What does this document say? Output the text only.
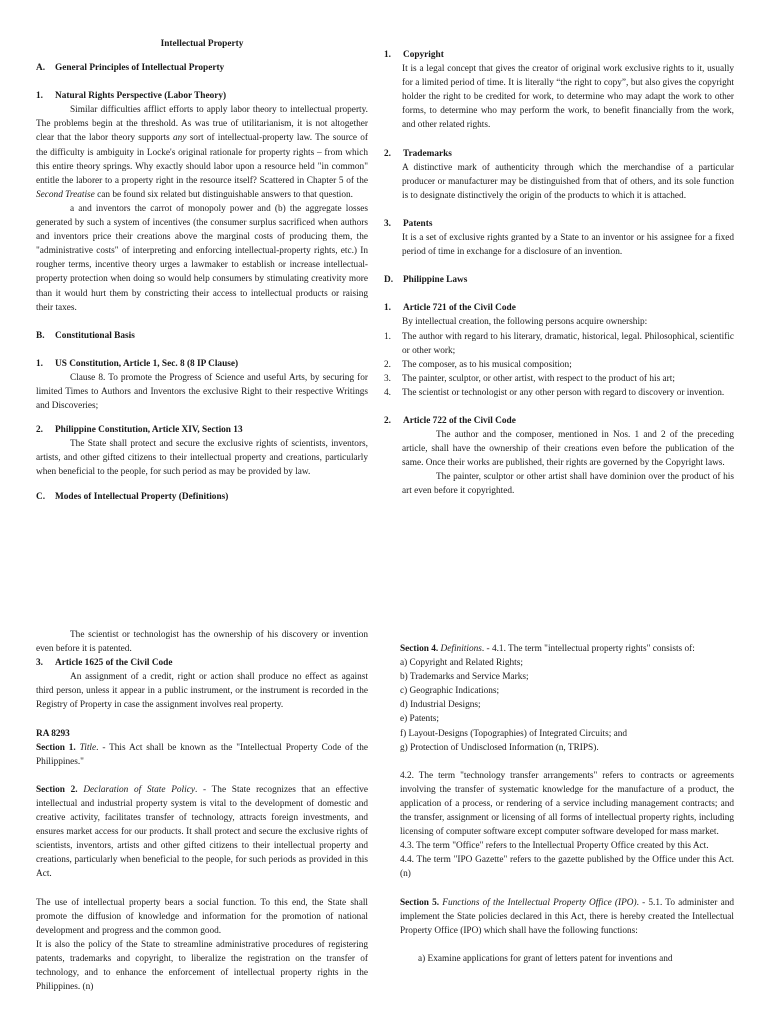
Intellectual Property

A.	General Principles of Intellectual Property
1.	Natural Rights Perspective (Labor Theory)

Similar difficulties afflict efforts to apply labor theory to intellectual property. The problems begin at the threshold. As was true of utilitarianism, it is not altogether clear that the labor theory supports any sort of intellectual-property law. The source of the difficulty is ambiguity in Locke's original rationale for property rights – from which this entire theory springs. Why exactly should labor upon a resource held "in common" entitle the laborer to a property right in the resource itself? Scattered in Chapter 5 of the Second Treatise can be found six related but distinguishable answers to that question.

a and inventors the carrot of monopoly power and (b) the aggregate losses generated by such a system of incentives (the consumer surplus sacrificed when authors and inventors price their creations above the marginal costs of producing them, the "administrative costs" of interpreting and enforcing intellectual-property rights, etc.) In rougher terms, incentive theory urges a lawmaker to establish or increase intellectual-property protection when doing so would help consumers by stimulating creativity more than it would hurt them by constricting their access to intellectual products or raising their taxes.

B.	Constitutional Basis
1.	US Constitution, Article 1, Sec. 8 (8 IP Clause)

Clause 8. To promote the Progress of Science and useful Arts, by securing for limited Times to Authors and Inventors the exclusive Right to their respective Writings and Discoveries;

2.	Philippine Constitution, Article XIV, Section 13

The State shall protect and secure the exclusive rights of scientists, inventors, artists, and other gifted citizens to their intellectual property and creations, particularly when beneficial to the people, for such period as may be provided by law.

C.	Modes of Intellectual Property (Definitions)
1.	Copyright

It is a legal concept that gives the creator of original work exclusive rights to it, usually for a limited period of time. It is literally “the right to copy”, but also gives the copyright holder the right to be credited for work, to determine who may adapt the work to other forms, to determine who may perform the work, to benefit financially from the work, and other related rights.

2.	Trademarks

A distinctive mark of authenticity through which the merchandise of a particular producer or manufacturer may be distinguished from that of others, and its sole function is to designate distinctively the origin of the products to which it is attached.

3.	Patents

It is a set of exclusive rights granted by a State to an inventor or his assignee for a fixed period of time in exchange for a disclosure of an invention.

D.	Philippine Laws
1.	Article 721 of the Civil Code

By intellectual creation, the following persons acquire ownership:

1.	The author with regard to his literary, dramatic, historical, legal. Philosophical, scientific or other work;
2.	The composer, as to his musical composition;
3.	The painter, sculptor, or other artist, with respect to the product of his art;
4.	The scientist or technologist or any other person with regard to discovery or invention.
2.	Article 722 of the Civil Code

The author and the composer, mentioned in Nos. 1 and 2 of the preceding article, shall have the ownership of their creations even before the publication of the same. Once their works are published, their rights are governed by the Copyright laws.

The painter, sculptor or other artist shall have dominion over the product of his art even before it copyrighted.

The scientist or technologist has the ownership of his discovery or invention even before it is patented.

3.	Article 1625 of the Civil Code

An assignment of a credit, right or action shall produce no effect as against third person, unless it appear in a public instrument, or the instrument is recorded in the Registry of Property in case the assignment involves real property.

RA 8293

Section 1. Title. - This Act shall be known as the "Intellectual Property Code of the Philippines."

Section 2. Declaration of State Policy. - The State recognizes that an effective intellectual and industrial property system is vital to the development of domestic and creative activity, facilitates transfer of technology, attracts foreign investments, and ensures market access for our products. It shall protect and secure the exclusive rights of scientists, inventors, artists and other gifted citizens to their intellectual property and creations, particularly when beneficial to the people, for such periods as provided in this Act.

The use of intellectual property bears a social function. To this end, the State shall promote the diffusion of knowledge and information for the promotion of national development and progress and the common good.

It is also the policy of the State to streamline administrative procedures of registering patents, trademarks and copyright, to liberalize the registration on the transfer of technology, and to enhance the enforcement of intellectual property rights in the Philippines. (n)

Section 4. Definitions. - 4.1. The term "intellectual property rights" consists of:

a) Copyright and Related Rights;

b) Trademarks and Service Marks;

c) Geographic Indications;

d) Industrial Designs;

e) Patents;

f) Layout-Designs (Topographies) of Integrated Circuits; and

g) Protection of Undisclosed Information (n, TRIPS).

4.2. The term "technology transfer arrangements" refers to contracts or agreements involving the transfer of systematic knowledge for the manufacture of a product, the application of a process, or rendering of a service including management contracts; and the transfer, assignment or licensing of all forms of intellectual property rights, including licensing of computer software except computer software developed for mass market.

4.3. The term "Office" refers to the Intellectual Property Office created by this Act.

4.4. The term "IPO Gazette" refers to the gazette published by the Office under this Act. (n)

Section 5. Functions of the Intellectual Property Office (IPO). - 5.1. To administer and implement the State policies declared in this Act, there is hereby created the Intellectual Property Office (IPO) which shall have the following functions:

a) Examine applications for grant of letters patent for inventions and
